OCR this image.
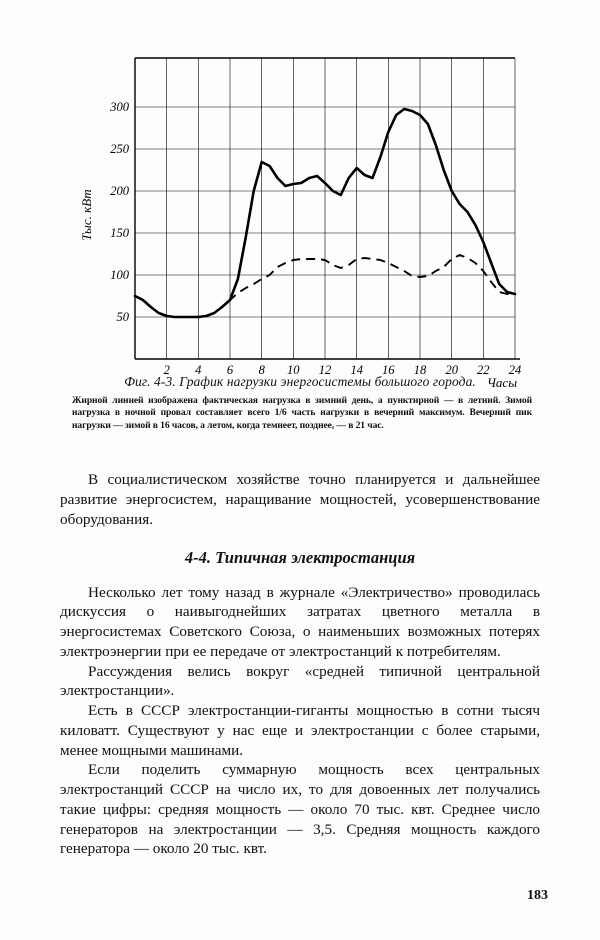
300
250
200
150
100
50
2 4 6 8 10 12 14 16 18 20 22 24
Тыс. кВт
Часы
Фиг. 4-3. График нагрузки энергосистемы большого города.
Жирной линией изображена фактическая нагрузка в зимний день, а пунктирной — в летний. Зимой нагрузка в ночной провал составляет всего 1/6 часть нагрузки в вечерний максимум. Вечерний пик нагрузки — зимой в 16 часов, а летом, когда темнеет, позднее, — в 21 час.

В социалистическом хозяйстве точно планируется и дальнейшее развитие энергосистем, наращивание мощностей, усовершенствование оборудования.

4-4. Типичная электростанция

Несколько лет тому назад в журнале «Электричество» проводилась дискуссия о наивыгоднейших затратах цветного металла в энергосистемах Советского Союза, о наименьших возможных потерях электроэнергии при ее передаче от электростанций к потребителям.

Рассуждения велись вокруг «средней типичной центральной электростанции».

Есть в СССР электростанции-гиганты мощностью в сотни тысяч киловатт. Существуют у нас еще и электростанции с более старыми, менее мощными машинами.

Если поделить суммарную мощность всех центральных электростанций СССР на число их, то для довоенных лет получались такие цифры: средняя мощность — около 70 тыс. квт. Среднее число генераторов на электростанции — 3,5. Средняя мощность каждого генератора — около 20 тыс. квт.

183
